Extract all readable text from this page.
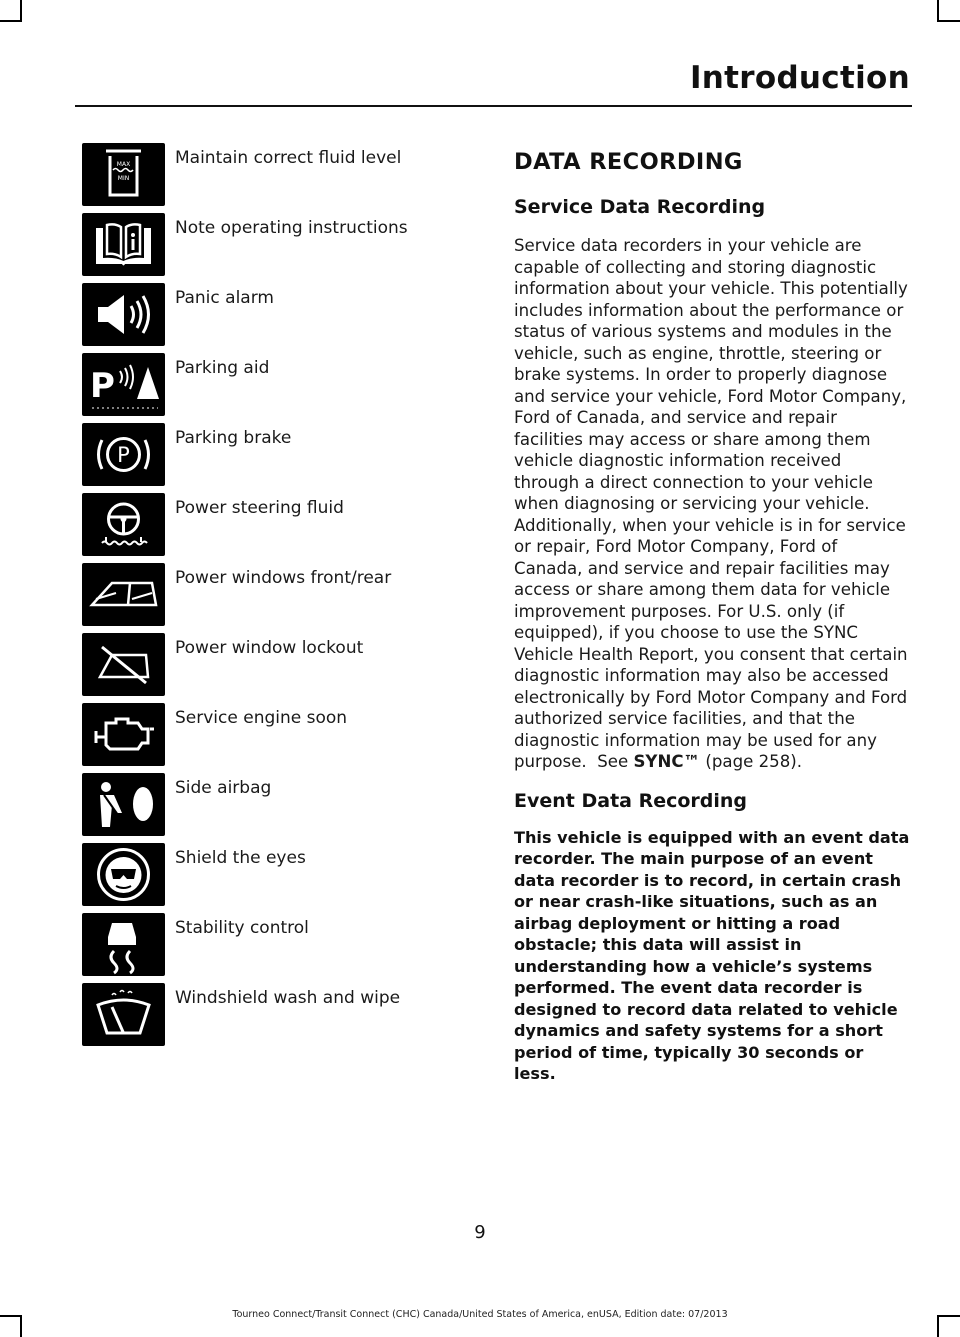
Introduction
MAX
MIN
Maintain correct fluid level
Note operating instructions
Panic alarm
P	Parking aid
P
Parking brake
Power steering fluid
Power windows front/rear
Power window lockout
Service engine soon
Side airbag
Shield the eyes
Stability control
Windshield wash and wipe
DATA RECORDING
Service Data Recording

Service data recorders in your vehicle are capable of collecting and storing diagnostic information about your vehicle. This potentially includes information about the performance or status of various systems and modules in the vehicle, such as engine, throttle, steering or brake systems. In order to properly diagnose and service your vehicle, Ford Motor Company, Ford of Canada, and service and repair facilities may access or share among them vehicle diagnostic information received through a direct connection to your vehicle when diagnosing or servicing your vehicle. Additionally, when your vehicle is in for service or repair, Ford Motor Company, Ford of Canada, and service and repair facilities may access or share among them data for vehicle improvement purposes. For U.S. only (if equipped), if you choose to use the SYNC Vehicle Health Report, you consent that certain diagnostic information may also be accessed electronically by Ford Motor Company and Ford authorized service facilities, and that the diagnostic information may be used for any purpose. See SYNC™ (page 258).

Event Data Recording

This vehicle is equipped with an event data recorder. The main purpose of an event data recorder is to record, in certain crash or near crash-like situations, such as an airbag deployment or hitting a road obstacle; this data will assist in understanding how a vehicle’s systems performed. The event data recorder is designed to record data related to vehicle dynamics and safety systems for a short period of time, typically 30 seconds or less.

9
Tourneo Connect/Transit Connect (CHC) Canada/United States of America, enUSA, Edition date: 07/2013
